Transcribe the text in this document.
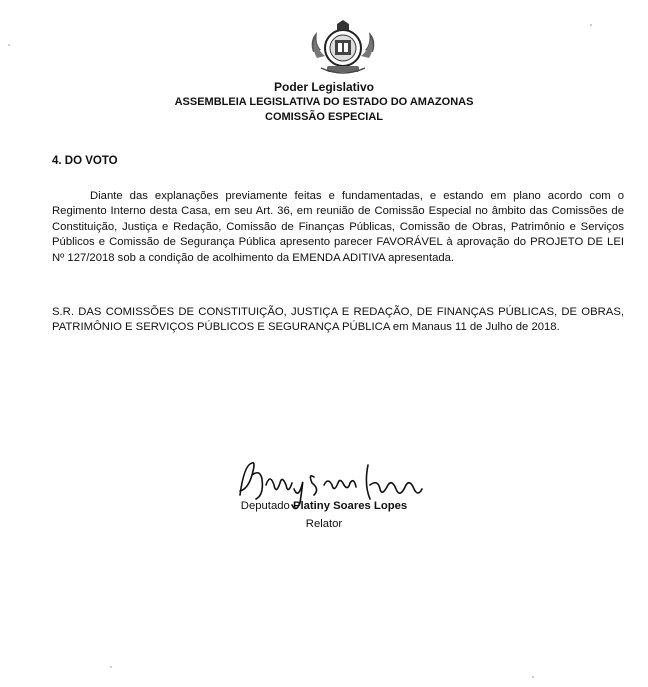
Poder Legislativo
ASSEMBLEIA LEGISLATIVA DO ESTADO DO AMAZONAS
COMISSÃO ESPECIAL
4. DO VOTO
Diante das explanações previamente feitas e fundamentadas, e estando em plano acordo com o Regimento Interno desta Casa, em seu Art. 36, em reunião de Comissão Especial no âmbito das Comissões de Constituição, Justiça e Redação, Comissão de Finanças Públicas, Comissão de Obras, Patrimônio e Serviços Públicos e Comissão de Segurança Pública apresento parecer FAVORÁVEL à aprovação do PROJETO DE LEI Nº 127/2018 sob a condição de acolhimento da EMENDA ADITIVA apresentada.
S.R. DAS COMISSÕES DE CONSTITUIÇÃO, JUSTIÇA E REDAÇÃO, DE FINANÇAS PÚBLICAS, DE OBRAS, PATRIMÔNIO E SERVIÇOS PÚBLICOS E SEGURANÇA PÚBLICA em Manaus 11 de Julho de 2018.
Deputado Platiny Soares Lopes
Relator
